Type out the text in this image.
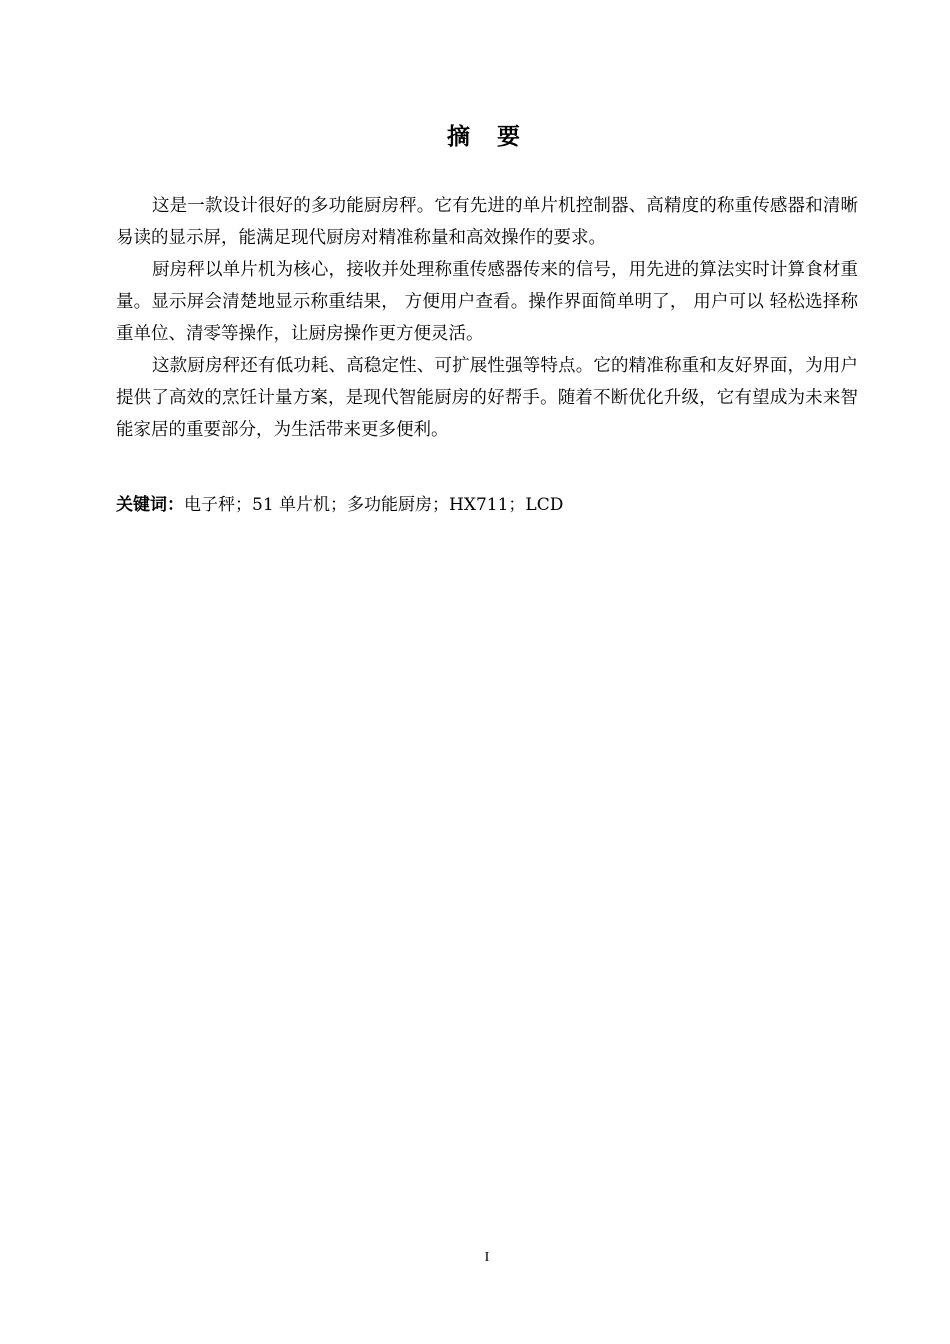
摘 要

这是一款设计很好的多功能厨房秤。它有先进的单片机控制器、高精度的称重传感器和清晰易读的显示屏，能满足现代厨房对精准称量和高效操作的要求。

厨房秤以单片机为核心，接收并处理称重传感器传来的信号，用先进的算法实时计算食材重量。显示屏会清楚地显示称重结果， 方便用户查看。操作界面简单明了， 用户可以 轻松选择称重单位、清零等操作，让厨房操作更方便灵活。

这款厨房秤还有低功耗、高稳定性、可扩展性强等特点。它的精准称重和友好界面，为用户提供了高效的烹饪计量方案，是现代智能厨房的好帮手。随着不断优化升级，它有望成为未来智能家居的重要部分，为生活带来更多便利。

关键词：电子秤；51 单片机；多功能厨房；HX711；LCD
I
